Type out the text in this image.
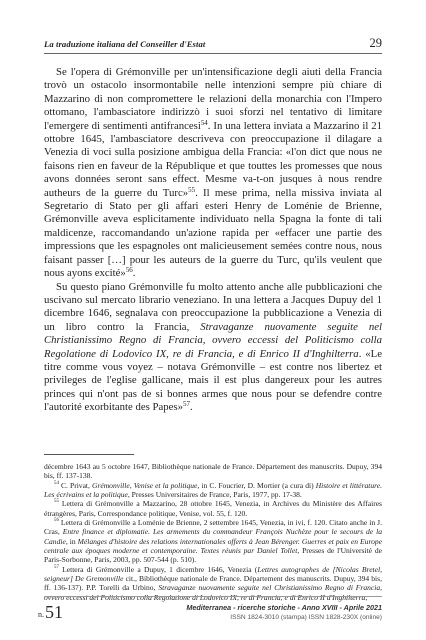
La traduzione italiana del Conseiller d'Estat	29

Se l'opera di Grémonville per un'intensificazione degli aiuti della Francia trovò un ostacolo insormontabile nelle intenzioni sempre più chiare di Mazzarino di non compromettere le relazioni della monarchia con l'Impero ottomano, l'ambasciatore indirizzò i suoi sforzi nel tentativo di limitare l'emergere di sentimenti antifrancesi$^{54}$. In una lettera inviata a Mazzarino il 21 ottobre 1645, l'ambasciatore descriveva con preoccupazione il dilagare a Venezia di voci sulla posizione ambigua della Francia: «l'on dict que nous ne faisons rien en faveur de la République et que touttes les promesses que nous avons données seront sans effect. Mesme va-t-on jusques à nous rendre autheurs de la guerre du Turc»$^{55}$. Il mese prima, nella missiva inviata al Segretario di Stato per gli affari esteri Henry de Loménie de Brienne, Grémonville aveva esplicitamente individuato nella Spagna la fonte di tali maldicenze, raccomandando un'azione rapida per «effacer une partie des impressions que les espagnoles ont malicieusement semées contre nous, nous faisant passer […] pour les auteurs de la guerre du Turc, qu'ils veulent que nous ayons excité»$^{56}$.

Su questo piano Grémonville fu molto attento anche alle pubblicazioni che uscivano sul mercato librario veneziano. In una lettera a Jacques Dupuy del 1 dicembre 1646, segnalava con preoccupazione la pubblicazione a Venezia di un libro contro la Francia, Stravaganze nuovamente seguite nel Christianissimo Regno di Francia, ovvero eccessi del Politicismo colla Regolatione di Lodovico IX, re di Francia, e di Enrico II d'Inghilterra. «Le titre comme vous voyez – notava Grémonville – est contre nos libertez et privileges de l'eglise gallicane, mais il est plus dangereux pour les autres princes qui n'ont pas de si bonnes armes que nous pour se defendre contre l'autorité exorbitante des Papes»$^{57}$.

décembre 1643 au 5 octobre 1647, Bibliothèque nationale de France. Département des manuscrits. Dupuy, 394 bis, ff. 137-138.

$^{54}$ C. Privat, Grémonville, Venise et la politique, in C. Foucrier, D. Mortier (a cura di) Histoire et littérature. Les écrivains et la politique, Presses Universitaires de France, Paris, 1977, pp. 17-38.

$^{55}$ Lettera di Grémonville a Mazzarino, 28 ottobre 1645, Venezia, in Archives du Ministère des Affaires étrangères, Paris, Correspondance politique, Venise, vol. 55, f. 120.

$^{56}$ Lettera di Grémonville a Loménie de Brienne, 2 settembre 1645, Venezia, in ivi, f. 120. Citato anche in J. Cras, Entre finance et diplomatie. Les armements du commandeur François Nuchèze pour le secours de la Candie, in Mélanges d'histoire des relations internationales offerts à Jean Bérenger. Guerres et paix en Europe centrale aux époques moderne et contemporaine. Textes réunis par Daniel Tollet, Presses de l'Université de Paris-Sorbonne, Paris, 2003, pp. 507-544 (p. 510).

$^{57}$ Lettera di Grémonville a Dupuy, 1 dicembre 1646, Venezia (Lettres autographes de [Nicolas Bretel, seigneur] De Gremonville cit., Bibliothèque nationale de France. Département des manuscrits. Dupuy, 394 bis, ff. 136-137). P.P. Torelli da Urbino, Stravaganze nuovamente seguite nel Christianissimo Regno di Francia, ovvero eccessi del Politicismo colla Regolatione di Lodovico IX, re di Francia, e di Enrico II d'Inghilterra,

n.51	Mediterranea - ricerche storiche - Anno XVIII - Aprile 2021
ISSN 1824-3010 (stampa) ISSN 1828-230X (online)
